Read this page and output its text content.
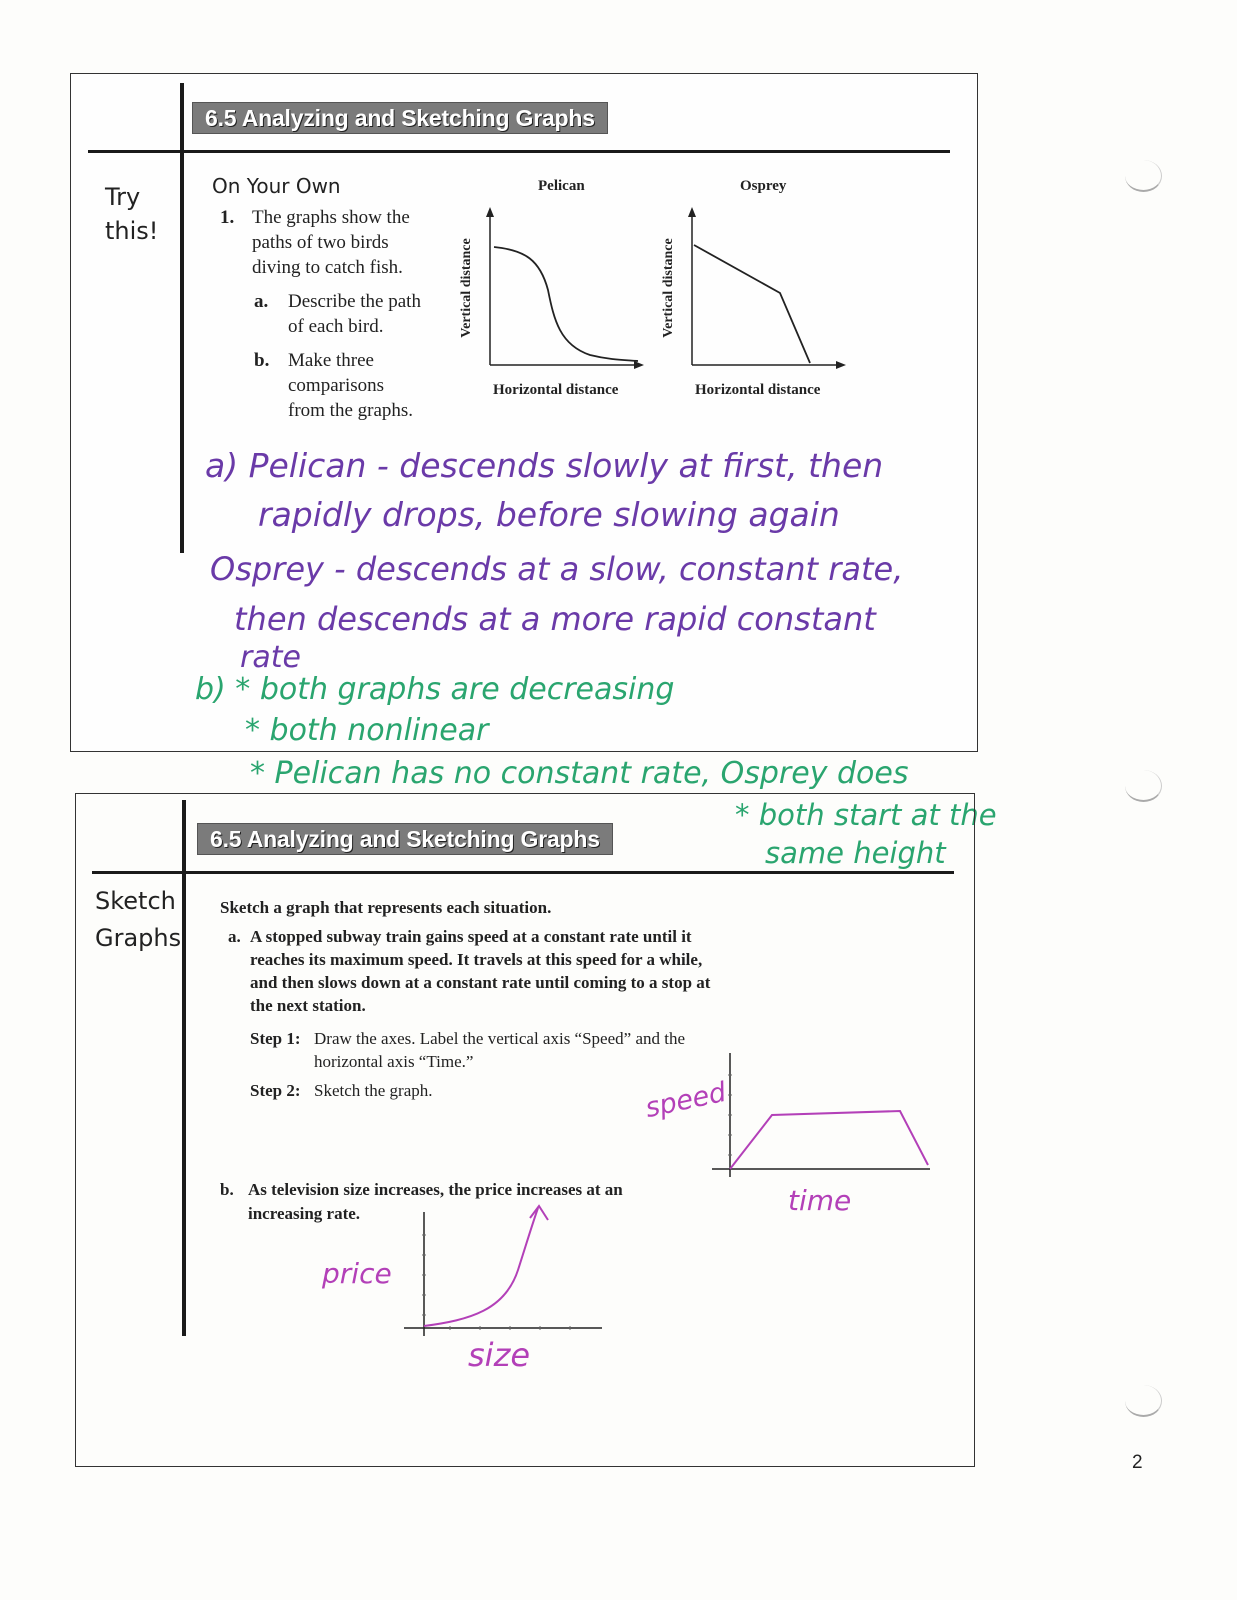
6.5 Analyzing and Sketching Graphs
Try
this!
On Your Own
1. The graphs show the
paths of two birds
diving to catch fish.
a. Describe the path
of each bird.
b. Make three
comparisons
from the graphs.
Pelican
Vertical distance
Horizontal distance
Osprey
Vertical distance
Horizontal distance
a) Pelican - descends slowly at first, then
rapidly drops, before slowing again
Osprey - descends at a slow, constant rate,
then descends at a more rapid constant
rate
b) * both graphs are decreasing
* both nonlinear
* Pelican has no constant rate, Osprey does
* both start at the
same height
6.5 Analyzing and Sketching Graphs
Sketch
Graphs
Sketch a graph that represents each situation.
a. A stopped subway train gains speed at a constant rate until it
reaches its maximum speed. It travels at this speed for a while,
and then slows down at a constant rate until coming to a stop at
the next station.
Step 1: Draw the axes. Label the vertical axis “Speed” and the
horizontal axis “Time.”
Step 2: Sketch the graph.	speed
time
b. As television size increases, the price increases at an
increasing rate.
price
size
2
